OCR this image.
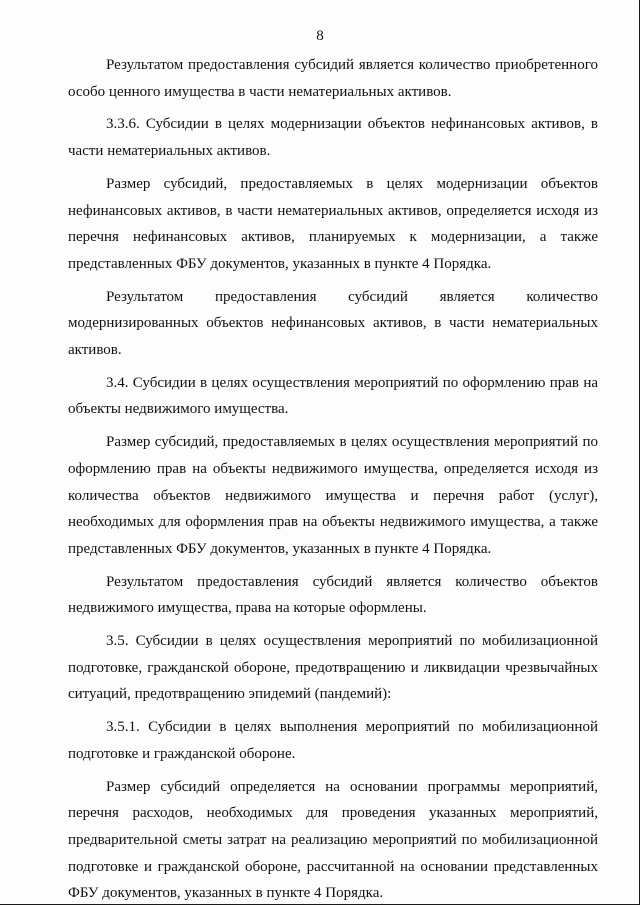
8

Результатом предоставления субсидий является количество приобретенного особо ценного имущества в части нематериальных активов.

3.3.6. Субсидии в целях модернизации объектов нефинансовых активов, в части нематериальных активов.

Размер субсидий, предоставляемых в целях модернизации объектов нефинансовых активов, в части нематериальных активов, определяется исходя из перечня нефинансовых активов, планируемых к модернизации, а также представленных ФБУ документов, указанных в пункте 4 Порядка.

Результатом предоставления субсидий является количество модернизированных объектов нефинансовых активов, в части нематериальных активов.

3.4. Субсидии в целях осуществления мероприятий по оформлению прав на объекты недвижимого имущества.

Размер субсидий, предоставляемых в целях осуществления мероприятий по оформлению прав на объекты недвижимого имущества, определяется исходя из количества объектов недвижимого имущества и перечня работ (услуг), необходимых для оформления прав на объекты недвижимого имущества, а также представленных ФБУ документов, указанных в пункте 4 Порядка.

Результатом предоставления субсидий является количество объектов недвижимого имущества, права на которые оформлены.

3.5. Субсидии в целях осуществления мероприятий по мобилизационной подготовке, гражданской обороне, предотвращению и ликвидации чрезвычайных ситуаций, предотвращению эпидемий (пандемий):

3.5.1. Субсидии в целях выполнения мероприятий по мобилизационной подготовке и гражданской обороне.

Размер субсидий определяется на основании программы мероприятий, перечня расходов, необходимых для проведения указанных мероприятий, предварительной сметы затрат на реализацию мероприятий по мобилизационной подготовке и гражданской обороне, рассчитанной на основании представленных ФБУ документов, указанных в пункте 4 Порядка.
